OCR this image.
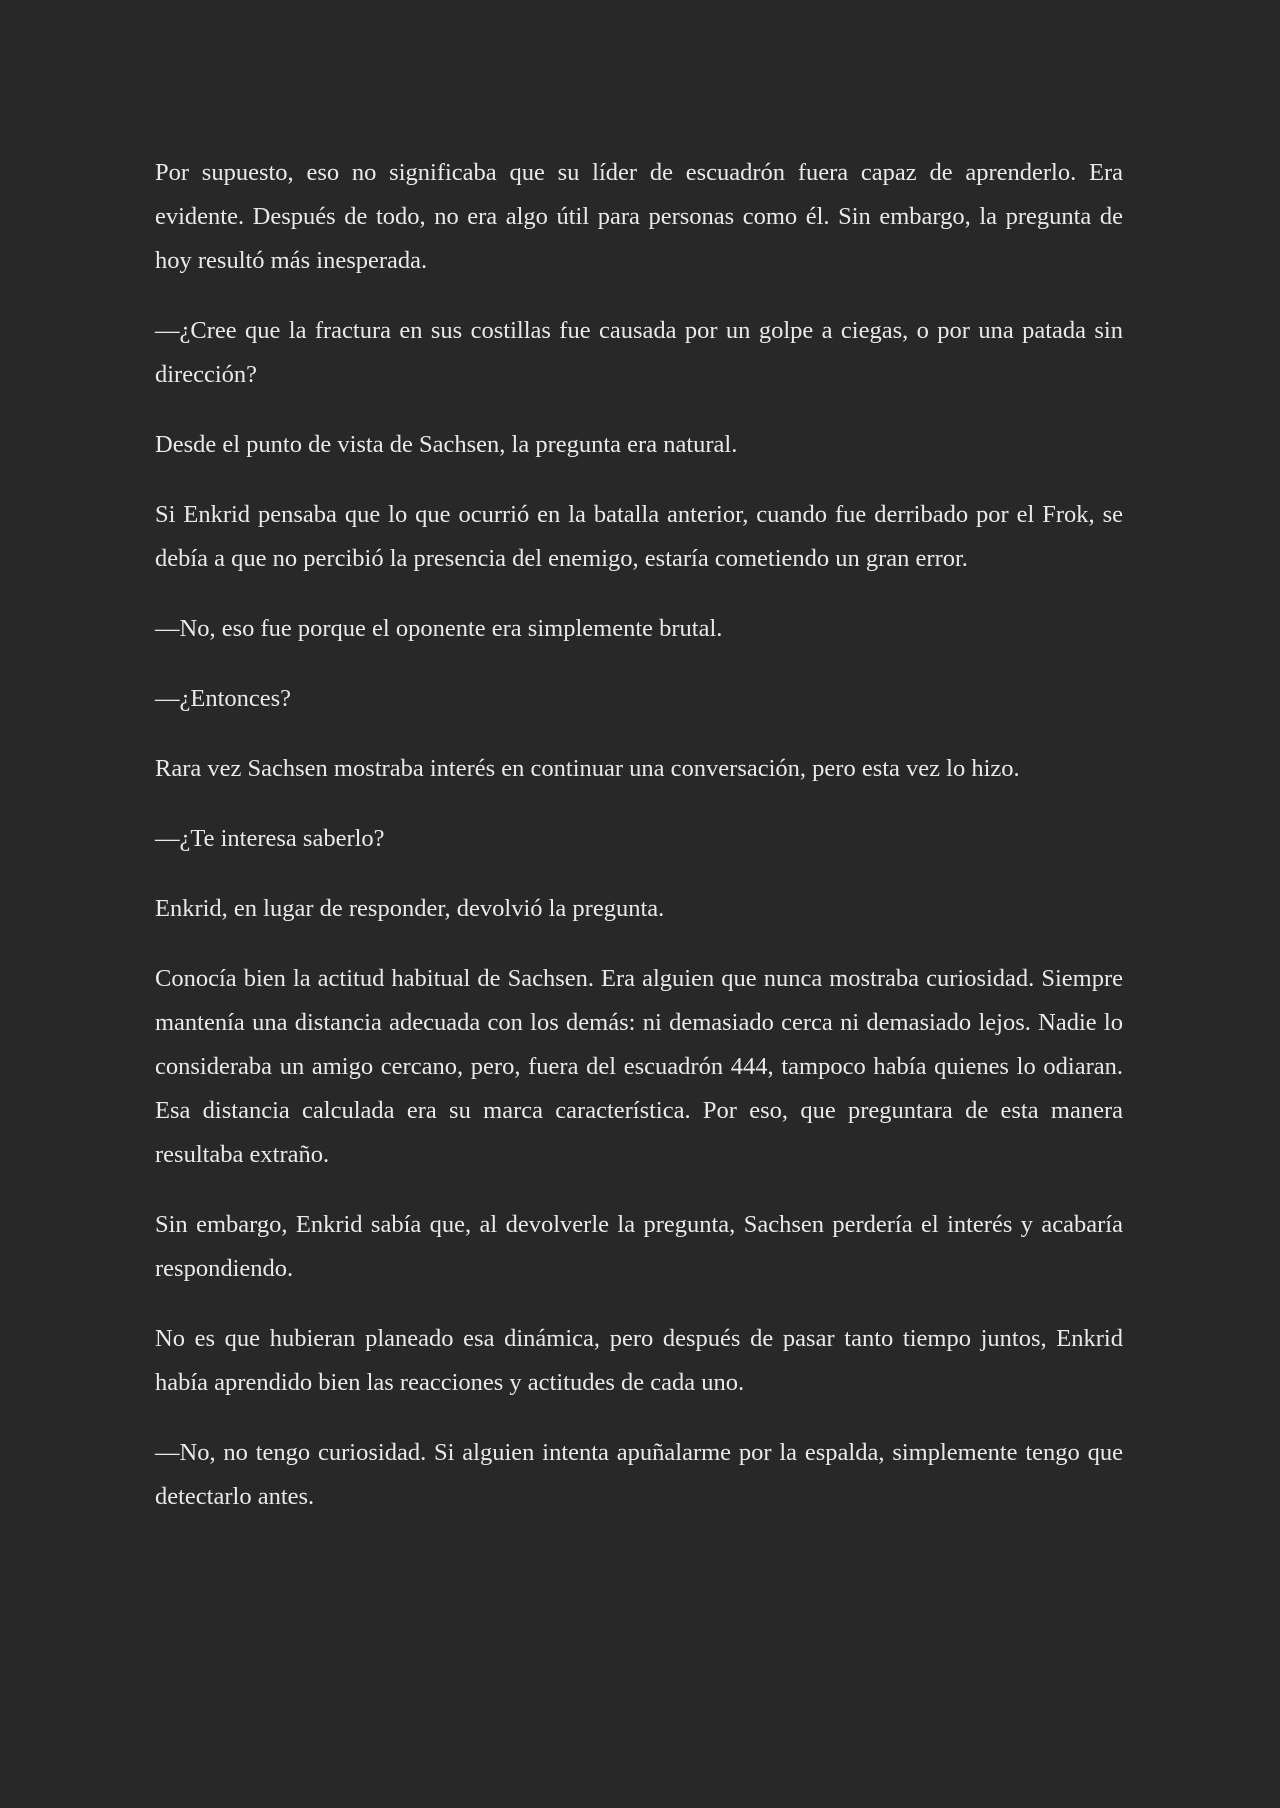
Por supuesto, eso no significaba que su líder de escuadrón fuera capaz de aprenderlo. Era evidente. Después de todo, no era algo útil para personas como él. Sin embargo, la pregunta de hoy resultó más inesperada.

—¿Cree que la fractura en sus costillas fue causada por un golpe a ciegas, o por una patada sin dirección?

Desde el punto de vista de Sachsen, la pregunta era natural.

Si Enkrid pensaba que lo que ocurrió en la batalla anterior, cuando fue derribado por el Frok, se debía a que no percibió la presencia del enemigo, estaría cometiendo un gran error.

—No, eso fue porque el oponente era simplemente brutal.

—¿Entonces?

Rara vez Sachsen mostraba interés en continuar una conversación, pero esta vez lo hizo.

—¿Te interesa saberlo?

Enkrid, en lugar de responder, devolvió la pregunta.

Conocía bien la actitud habitual de Sachsen. Era alguien que nunca mostraba curiosidad. Siempre mantenía una distancia adecuada con los demás: ni demasiado cerca ni demasiado lejos. Nadie lo consideraba un amigo cercano, pero, fuera del escuadrón 444, tampoco había quienes lo odiaran. Esa distancia calculada era su marca característica. Por eso, que preguntara de esta manera resultaba extraño.

Sin embargo, Enkrid sabía que, al devolverle la pregunta, Sachsen perdería el interés y acabaría respondiendo.

No es que hubieran planeado esa dinámica, pero después de pasar tanto tiempo juntos, Enkrid había aprendido bien las reacciones y actitudes de cada uno.

—No, no tengo curiosidad. Si alguien intenta apuñalarme por la espalda, simplemente tengo que detectarlo antes.
